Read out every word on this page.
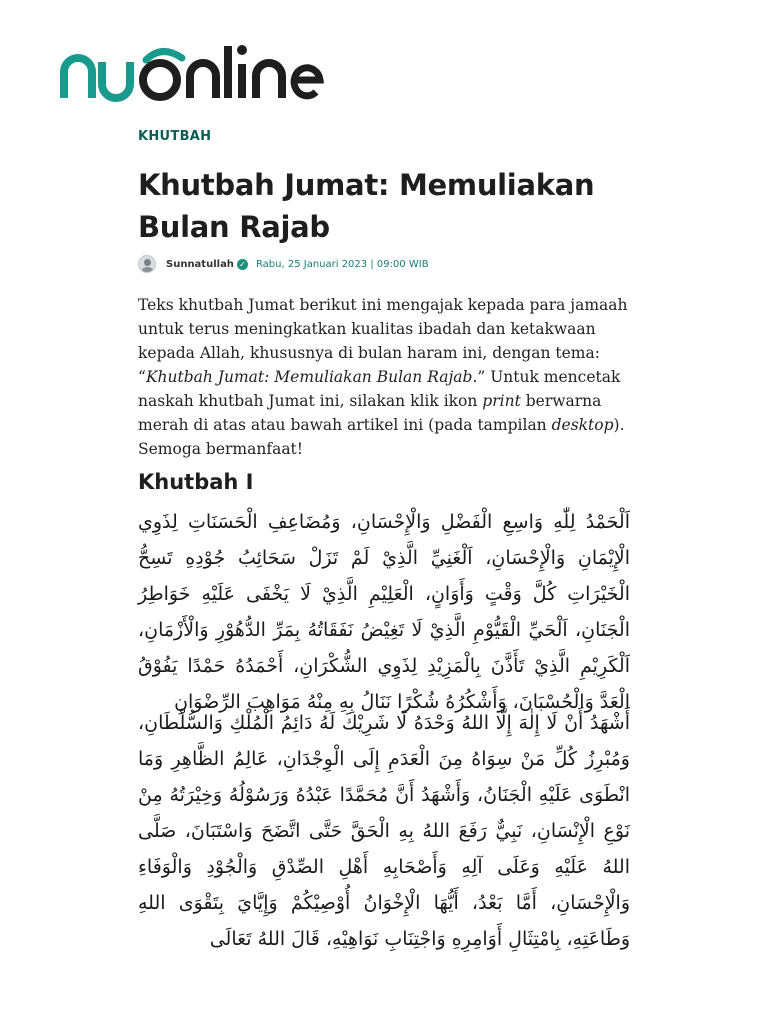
KHUTBAH
Khutbah Jumat: Memuliakan Bulan Rajab
Sunnatullah ✓ Rabu, 25 Januari 2023 | 09:00 WIB

Teks khutbah Jumat berikut ini mengajak kepada para jamaah untuk terus meningkatkan kualitas ibadah dan ketakwaan kepada Allah, khususnya di bulan haram ini, dengan tema: “Khutbah Jumat: Memuliakan Bulan Rajab.” Untuk mencetak naskah khutbah Jumat ini, silakan klik ikon print berwarna merah di atas atau bawah artikel ini (pada tampilan desktop). Semoga bermanfaat!

Khutbah I

اَلْحَمْدُ لِلّٰهِ وَاسِعِ الْفَضْلِ وَالْإِحْسَانِ، وَمُضَاعِفِ الْحَسَنَاتِ لِذَوِي الْإِيْمَانِ وَالْإِحْسَانِ، اَلْغَنِيِّ الَّذِيْ لَمْ تَزَلْ سَحَائِبُ جُوْدِهِ تَسِحُّ الْخَيْرَاتِ كُلَّ وَقْتٍ وَأَوَانٍ، الْعَلِيْمِ الَّذِيْ لَا يَخْفَى عَلَيْهِ خَوَاطِرُ الْجَنَانِ، اَلْحَيِّ الْقَيُّوْمِ الَّذِيْ لَا تَغِيْضُ نَفَقَاتُهُ بِمَرِّ الدُّهُوْرِ وَالْأَزْمَانِ، اَلْكَرِيْمِ الَّذِيْ تَأَذَّنَ بِالْمَزِيْدِ لِذَوِي الشُّكْرَانِ، أَحْمَدُهُ حَمْدًا يَفُوْقُ الْعَدَّ وَالْحُسْبَانَ، وَأَشْكُرُهُ شُكْرًا نَنَالُ بِهِ مِنْهُ مَوَاهِبَ الرِّضْوَانِ

أَشْهَدُ أَنْ لَا إِلٰهَ إِلَّا اللهُ وَحْدَهُ لَا شَرِيْكَ لَهُ دَائِمُ الْمُلْكِ وَالسُّلْطَانِ، وَمُبْرِزُ كُلِّ مَنْ سِوَاهُ مِنَ الْعَدَمِ إِلَى الْوِجْدَانِ، عَالِمُ الظَّاهِرِ وَمَا انْطَوَى عَلَيْهِ الْجَنَانُ، وَأَشْهَدُ أَنَّ مُحَمَّدًا عَبْدُهُ وَرَسُوْلُهُ وَخِيْرَتُهُ مِنْ نَوْعِ الْإِنْسَانِ، نَبِيٌّ رَفَعَ اللهُ بِهِ الْحَقَّ حَتَّى اتَّضَحَ وَاسْتَبَانَ، صَلَّى اللهُ عَلَيْهِ وَعَلَى آلِهِ وَأَصْحَابِهِ أَهْلِ الصِّدْقِ وَالْجُوْدِ وَالْوَفَاءِ وَالْإِحْسَانِ، أَمَّا بَعْدُ، أَيُّهَا الْإِخْوَانُ أُوْصِيْكُمْ وَإِيَّايَ بِتَقْوَى اللهِ وَطَاعَتِهِ، بِامْتِثَالِ أَوَامِرِهِ وَاجْتِنَابِ نَوَاهِيْهِ، قَالَ اللهُ تَعَالَى
